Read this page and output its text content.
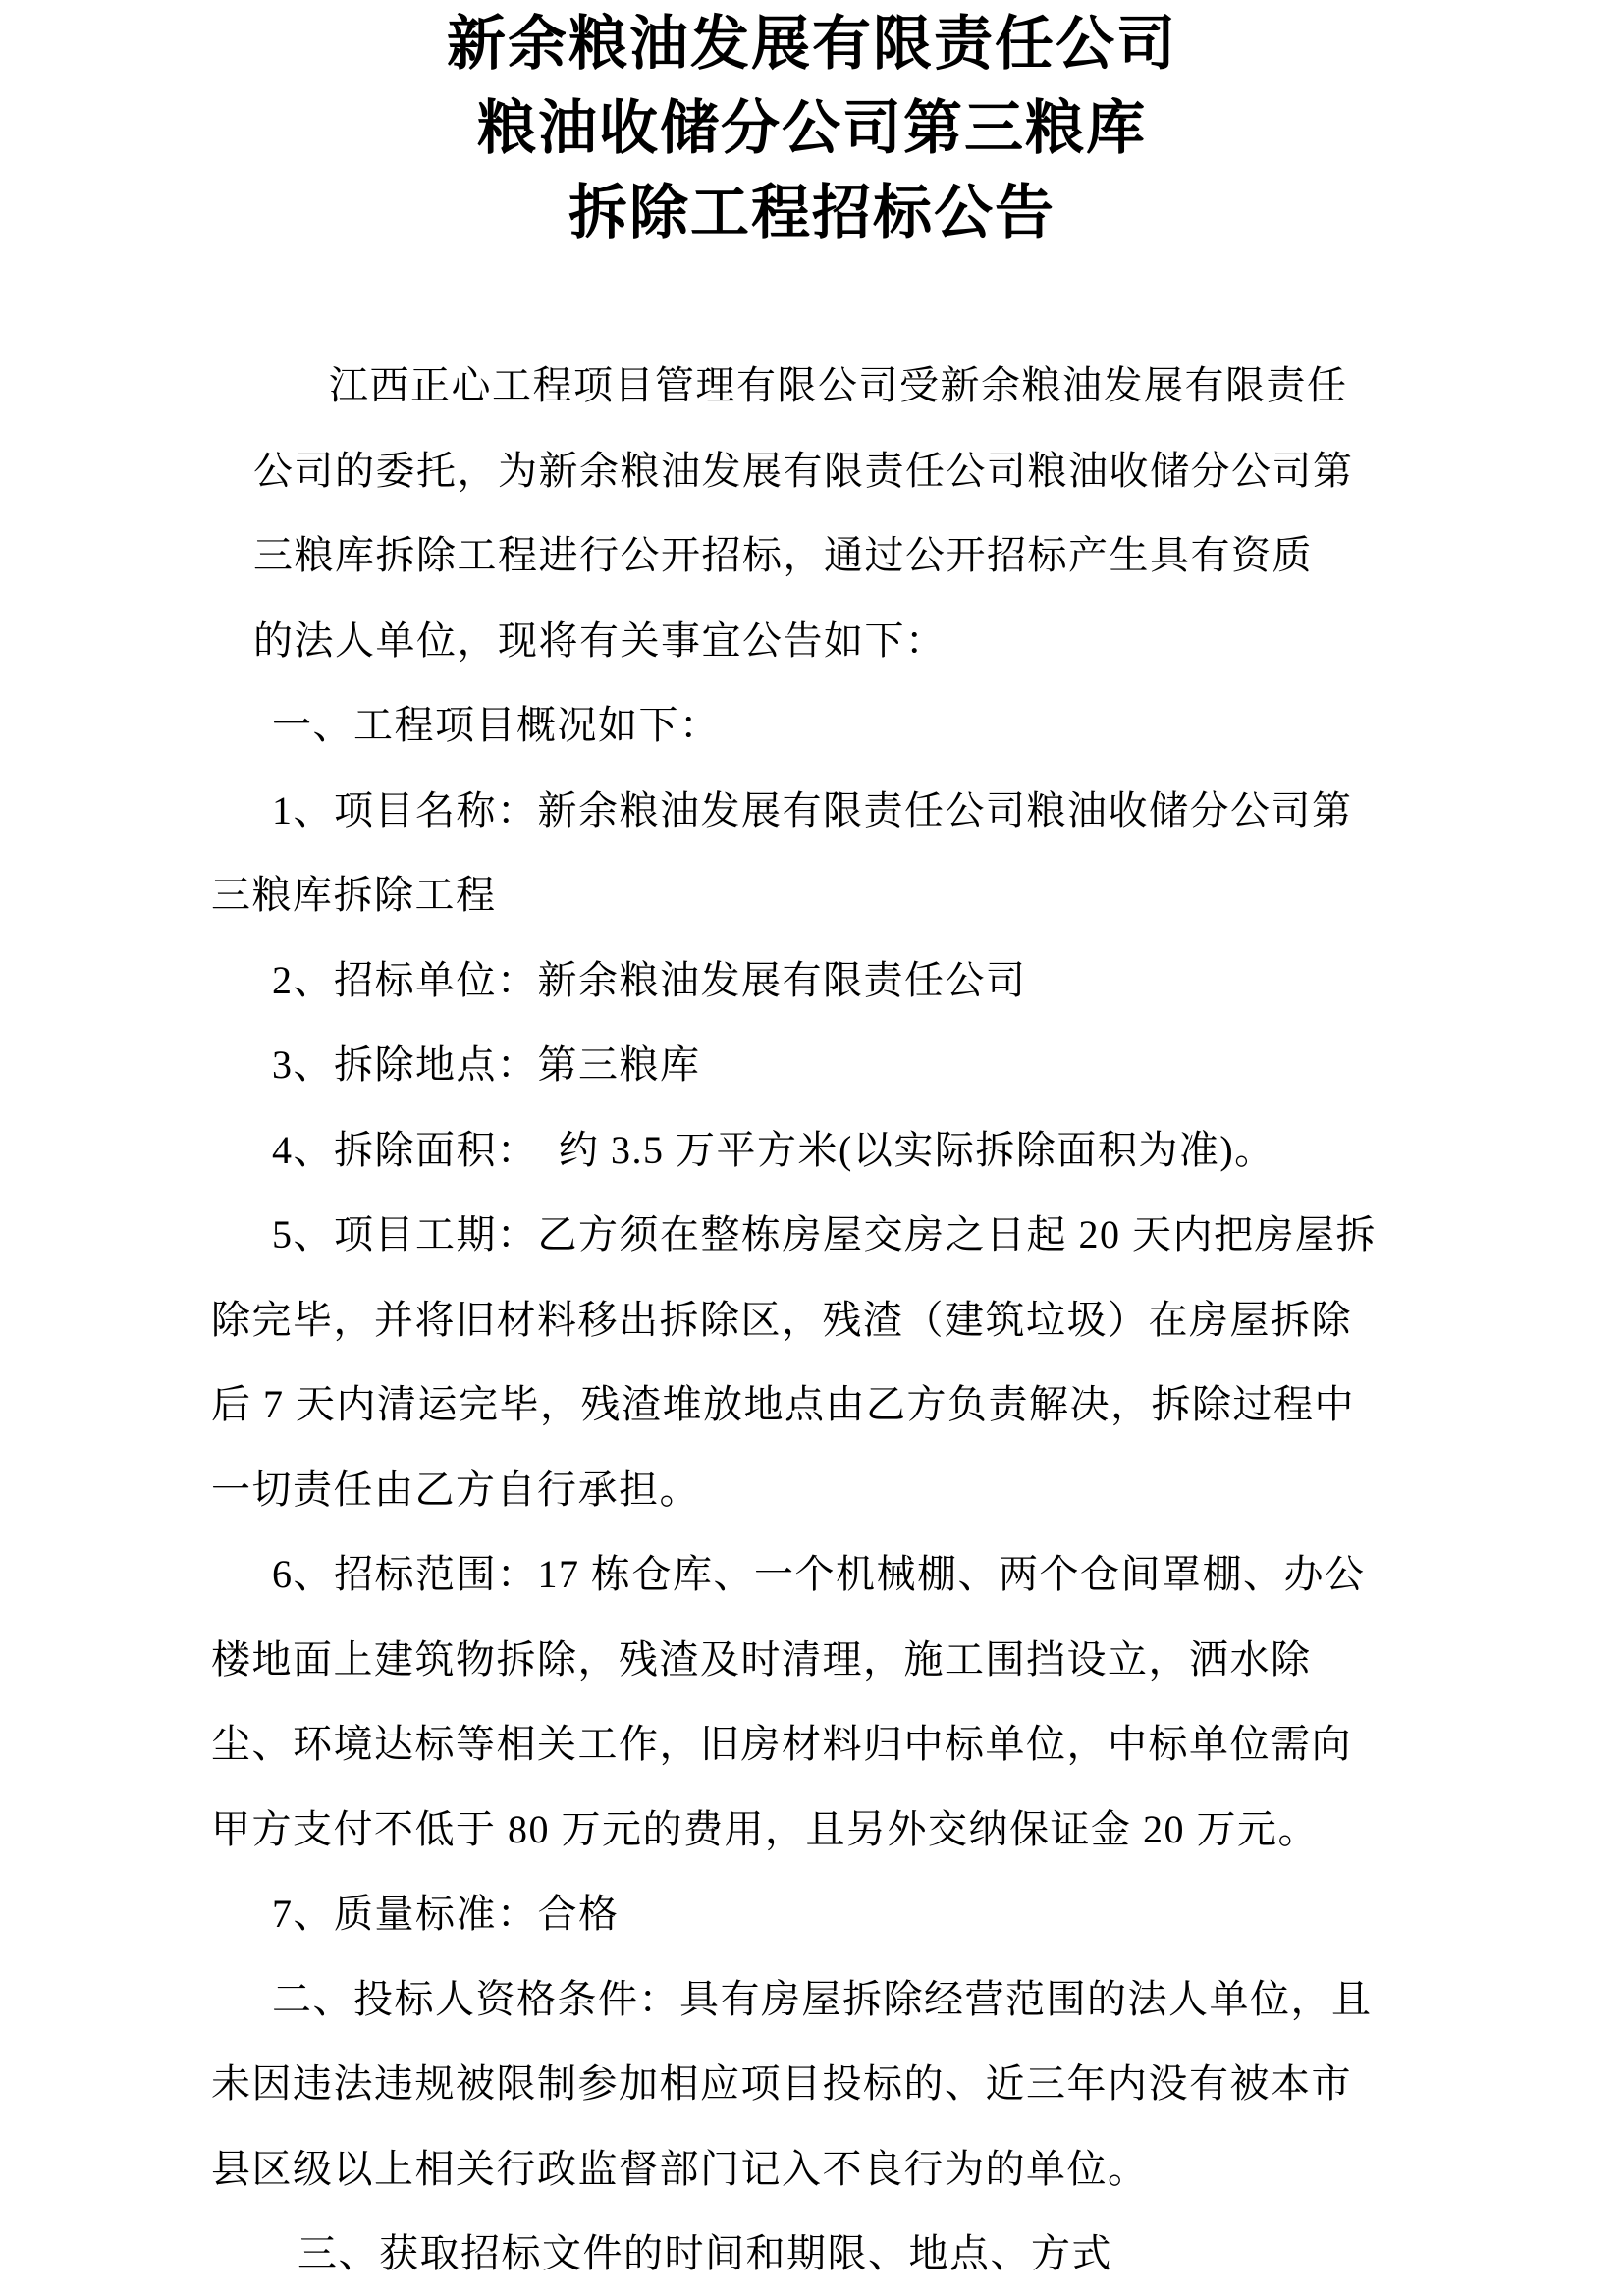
新余粮油发展有限责任公司
粮油收储分公司第三粮库
拆除工程招标公告

江西正心工程项目管理有限公司受新余粮油发展有限责任

公司的委托，为新余粮油发展有限责任公司粮油收储分公司第

三粮库拆除工程进行公开招标，通过公开招标产生具有资质

的法人单位，现将有关事宜公告如下：

一、工程项目概况如下：

1、项目名称：新余粮油发展有限责任公司粮油收储分公司第

三粮库拆除工程

2、招标单位：新余粮油发展有限责任公司

3、拆除地点：第三粮库

4、拆除面积：　约 3.5 万平方米(以实际拆除面积为准)。

5、项目工期：乙方须在整栋房屋交房之日起 20 天内把房屋拆

除完毕，并将旧材料移出拆除区，残渣（建筑垃圾）在房屋拆除

后 7 天内清运完毕，残渣堆放地点由乙方负责解决，拆除过程中

一切责任由乙方自行承担。

6、招标范围：17 栋仓库、一个机械棚、两个仓间罩棚、办公

楼地面上建筑物拆除，残渣及时清理，施工围挡设立，洒水除

尘、环境达标等相关工作，旧房材料归中标单位，中标单位需向

甲方支付不低于 80 万元的费用，且另外交纳保证金 20 万元。

7、质量标准：合格

二、投标人资格条件：具有房屋拆除经营范围的法人单位，且

未因违法违规被限制参加相应项目投标的、近三年内没有被本市

县区级以上相关行政监督部门记入不良行为的单位。

三、获取招标文件的时间和期限、地点、方式
